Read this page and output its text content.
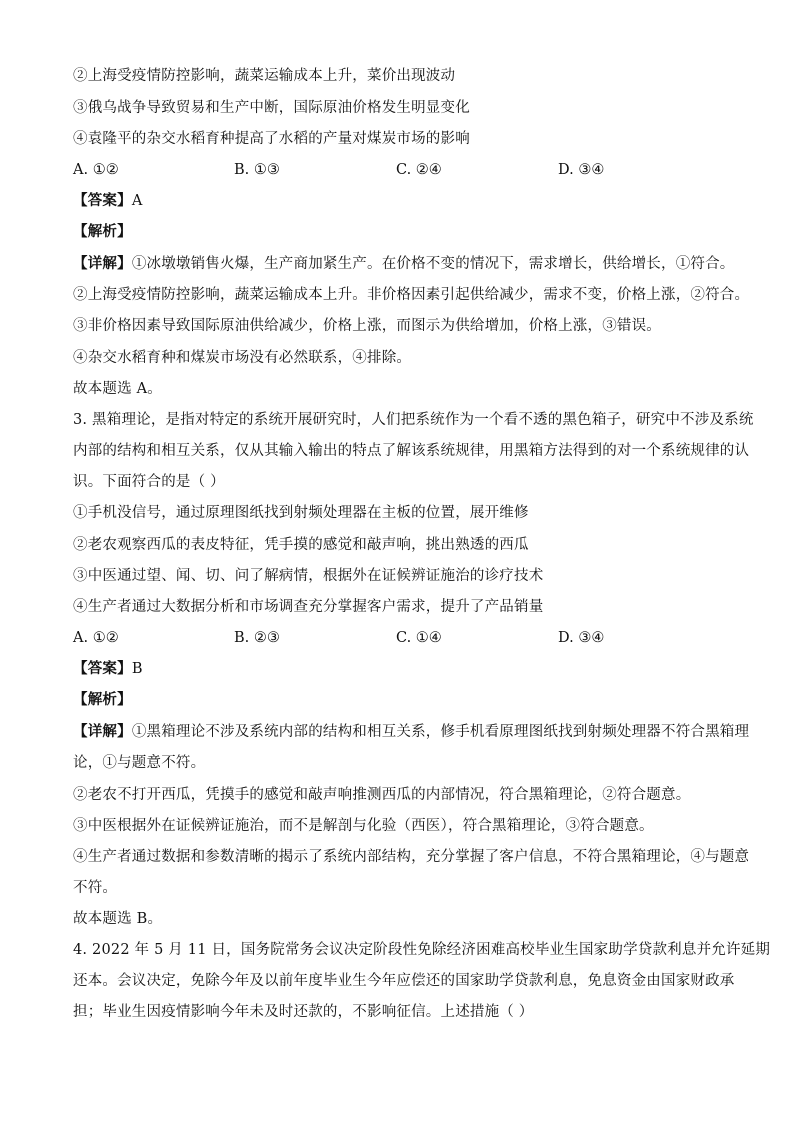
②上海受疫情防控影响，蔬菜运输成本上升，菜价出现波动
③俄乌战争导致贸易和生产中断，国际原油价格发生明显变化
④袁隆平的杂交水稻育种提高了水稻的产量对煤炭市场的影响
A. ①②	B. ①③	C. ②④	D. ③④
【答案】A
【解析】
【详解】①冰墩墩销售火爆，生产商加紧生产。在价格不变的情况下，需求增长，供给增长，①符合。
②上海受疫情防控影响，蔬菜运输成本上升。非价格因素引起供给减少，需求不变，价格上涨，②符合。
③非价格因素导致国际原油供给减少，价格上涨，而图示为供给增加，价格上涨，③错误。
④杂交水稻育种和煤炭市场没有必然联系，④排除。
故本题选 A。
3. 黑箱理论，是指对特定的系统开展研究时，人们把系统作为一个看不透的黑色箱子，研究中不涉及系统
内部的结构和相互关系，仅从其输入输出的特点了解该系统规律，用黑箱方法得到的对一个系统规律的认
识。下面符合的是（ ）
①手机没信号，通过原理图纸找到射频处理器在主板的位置，展开维修
②老农观察西瓜的表皮特征，凭手摸的感觉和敲声响，挑出熟透的西瓜
③中医通过望、闻、切、问了解病情，根据外在证候辨证施治的诊疗技术
④生产者通过大数据分析和市场调查充分掌握客户需求，提升了产品销量
A. ①②	B. ②③	C. ①④	D. ③④
【答案】B
【解析】
【详解】①黑箱理论不涉及系统内部的结构和相互关系，修手机看原理图纸找到射频处理器不符合黑箱理
论，①与题意不符。
②老农不打开西瓜，凭摸手的感觉和敲声响推测西瓜的内部情况，符合黑箱理论，②符合题意。
③中医根据外在证候辨证施治，而不是解剖与化验（西医），符合黑箱理论，③符合题意。
④生产者通过数据和参数清晰的揭示了系统内部结构，充分掌握了客户信息，不符合黑箱理论，④与题意
不符。
故本题选 B。
4. 2022 年 5 月 11 日，国务院常务会议决定阶段性免除经济困难高校毕业生国家助学贷款利息并允许延期
还本。会议决定，免除今年及以前年度毕业生今年应偿还的国家助学贷款利息，免息资金由国家财政承
担；毕业生因疫情影响今年未及时还款的，不影响征信。上述措施（ ）
